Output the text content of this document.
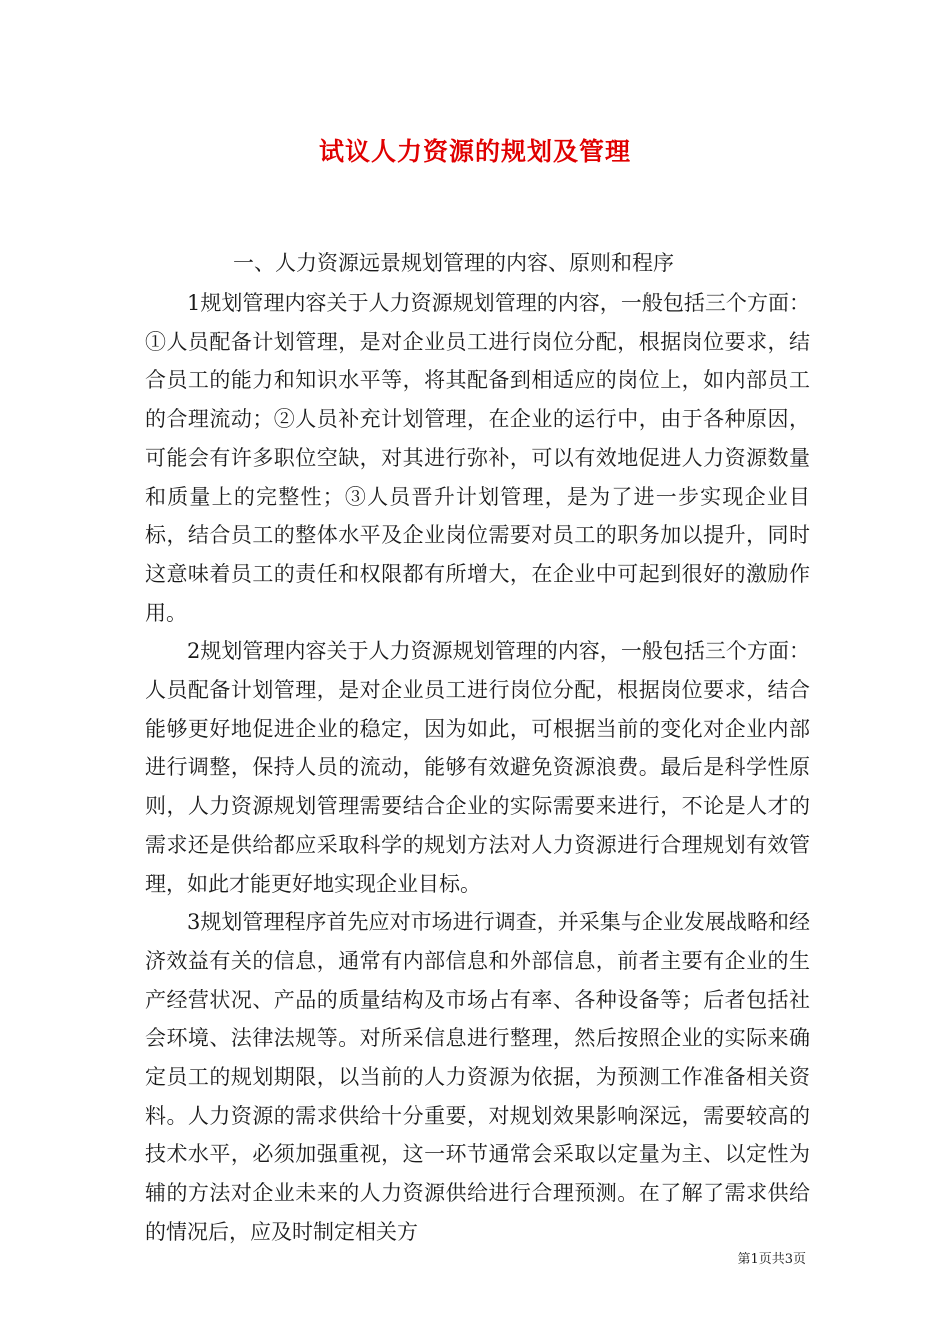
试议人力资源的规划及管理

一、人力资源远景规划管理的内容、原则和程序

1规划管理内容关于人力资源规划管理的内容，一般包括三个方面：①人员配备计划管理，是对企业员工进行岗位分配，根据岗位要求，结合员工的能力和知识水平等，将其配备到相适应的岗位上，如内部员工的合理流动；②人员补充计划管理，在企业的运行中，由于各种原因，可能会有许多职位空缺，对其进行弥补，可以有效地促进人力资源数量和质量上的完整性；③人员晋升计划管理，是为了进一步实现企业目标，结合员工的整体水平及企业岗位需要对员工的职务加以提升，同时这意味着员工的责任和权限都有所增大，在企业中可起到很好的激励作用。

2规划管理内容关于人力资源规划管理的内容，一般包括三个方面：人员配备计划管理，是对企业员工进行岗位分配，根据岗位要求，结合能够更好地促进企业的稳定，因为如此，可根据当前的变化对企业内部进行调整，保持人员的流动，能够有效避免资源浪费。最后是科学性原则，人力资源规划管理需要结合企业的实际需要来进行，不论是人才的需求还是供给都应采取科学的规划方法对人力资源进行合理规划有效管理，如此才能更好地实现企业目标。

3规划管理程序首先应对市场进行调查，并采集与企业发展战略和经济效益有关的信息，通常有内部信息和外部信息，前者主要有企业的生产经营状况、产品的质量结构及市场占有率、各种设备等；后者包括社会环境、法律法规等。对所采信息进行整理，然后按照企业的实际来确定员工的规划期限，以当前的人力资源为依据，为预测工作准备相关资料。人力资源的需求供给十分重要，对规划效果影响深远，需要较高的技术水平，必须加强重视，这一环节通常会采取以定量为主、以定性为辅的方法对企业未来的人力资源供给进行合理预测。在了解了需求供给的情况后，应及时制定相关方

第1页共3页
